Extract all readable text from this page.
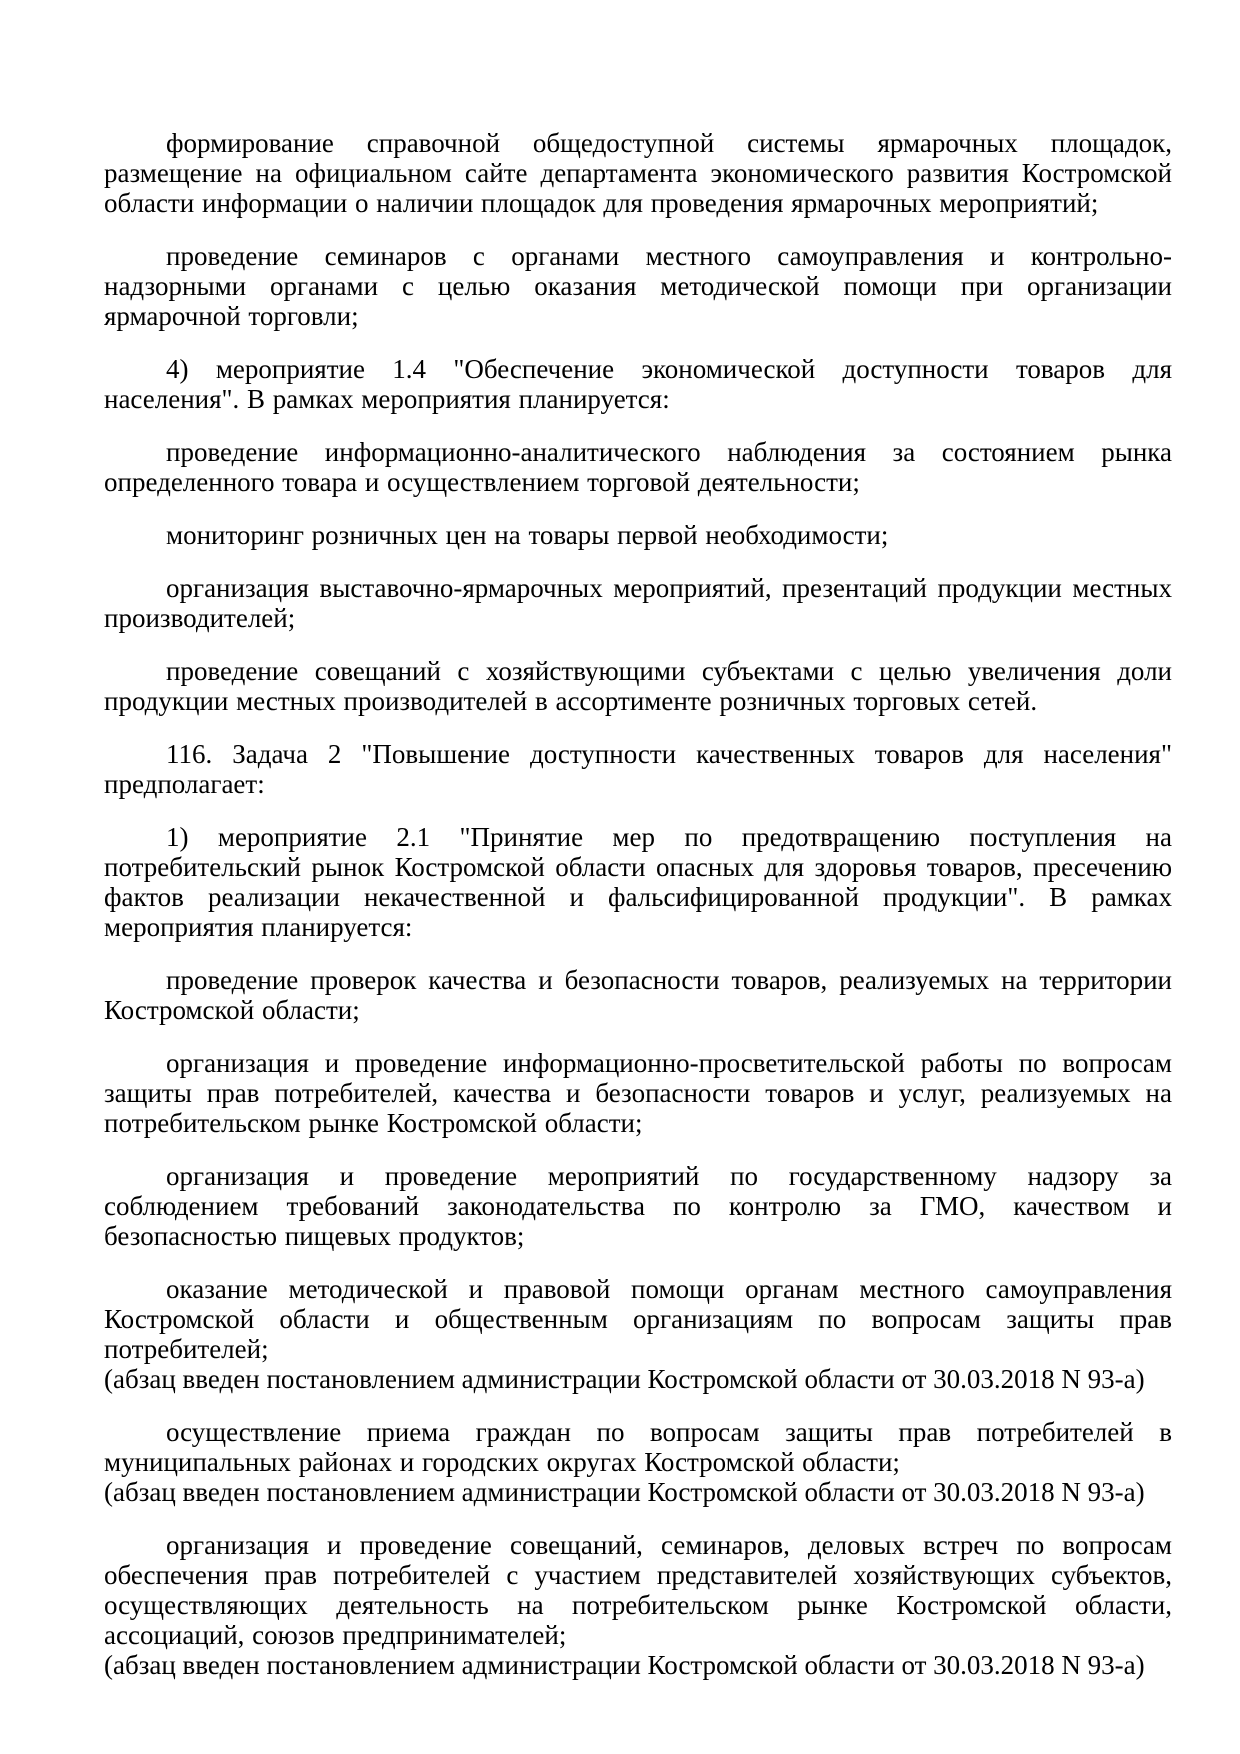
формирование справочной общедоступной системы ярмарочных площадок, размещение на официальном сайте департамента экономического развития Костромской области информации о наличии площадок для проведения ярмарочных мероприятий;

проведение семинаров с органами местного самоуправления и контрольно-надзорными органами с целью оказания методической помощи при организации ярмарочной торговли;

4) мероприятие 1.4 "Обеспечение экономической доступности товаров для населения". В рамках мероприятия планируется:

проведение информационно-аналитического наблюдения за состоянием рынка определенного товара и осуществлением торговой деятельности;

мониторинг розничных цен на товары первой необходимости;

организация выставочно-ярмарочных мероприятий, презентаций продукции местных производителей;

проведение совещаний с хозяйствующими субъектами с целью увеличения доли продукции местных производителей в ассортименте розничных торговых сетей.

116. Задача 2 "Повышение доступности качественных товаров для населения" предполагает:

1) мероприятие 2.1 "Принятие мер по предотвращению поступления на потребительский рынок Костромской области опасных для здоровья товаров, пресечению фактов реализации некачественной и фальсифицированной продукции". В рамках мероприятия планируется:

проведение проверок качества и безопасности товаров, реализуемых на территории Костромской области;

организация и проведение информационно-просветительской работы по вопросам защиты прав потребителей, качества и безопасности товаров и услуг, реализуемых на потребительском рынке Костромской области;

организация и проведение мероприятий по государственному надзору за соблюдением требований законодательства по контролю за ГМО, качеством и безопасностью пищевых продуктов;

оказание методической и правовой помощи органам местного самоуправления Костромской области и общественным организациям по вопросам защиты прав потребителей;
(абзац введен постановлением администрации Костромской области от 30.03.2018 N 93-а)

осуществление приема граждан по вопросам защиты прав потребителей в муниципальных районах и городских округах Костромской области;
(абзац введен постановлением администрации Костромской области от 30.03.2018 N 93-а)

организация и проведение совещаний, семинаров, деловых встреч по вопросам обеспечения прав потребителей с участием представителей хозяйствующих субъектов, осуществляющих деятельность на потребительском рынке Костромской области, ассоциаций, союзов предпринимателей;
(абзац введен постановлением администрации Костромской области от 30.03.2018 N 93-а)
